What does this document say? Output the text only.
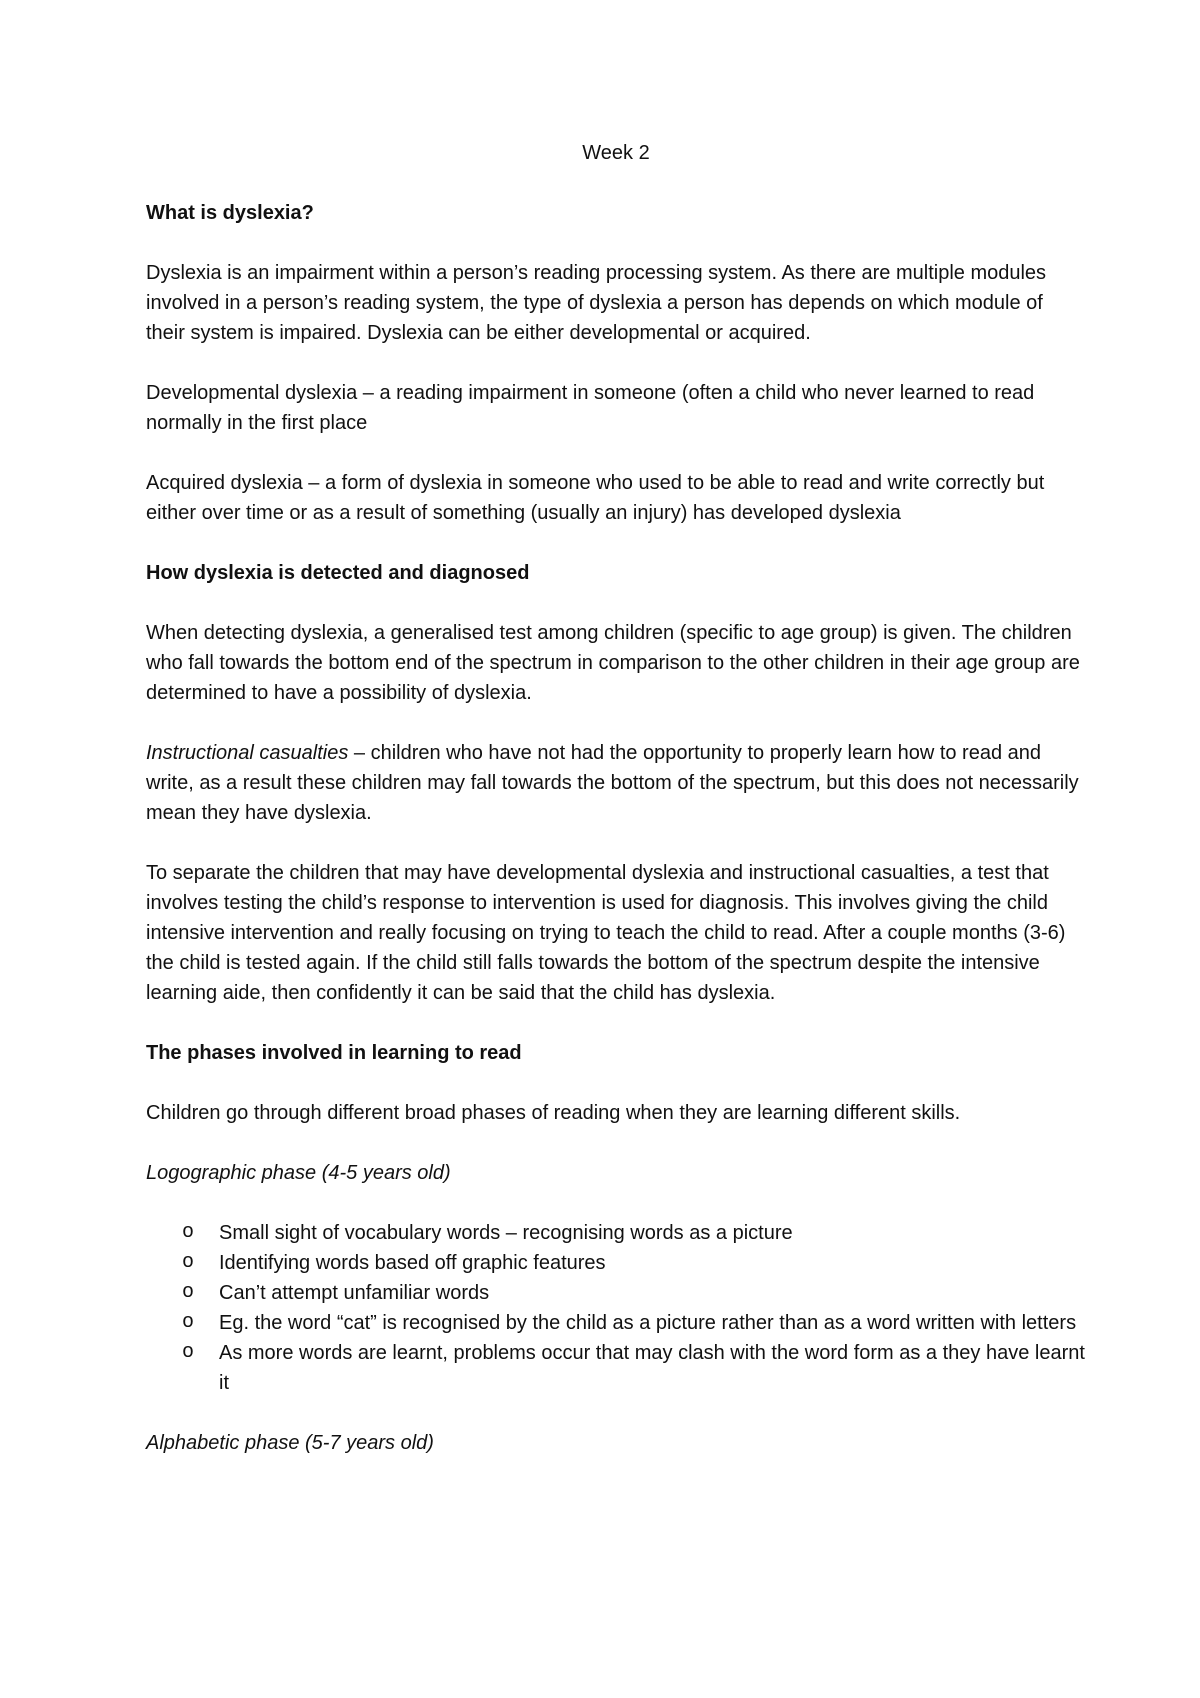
Week 2
What is dyslexia?

Dyslexia is an impairment within a person’s reading processing system. As there are multiple modules involved in a person’s reading system, the type of dyslexia a person has depends on which module of their system is impaired. Dyslexia can be either developmental or acquired.

Developmental dyslexia – a reading impairment in someone (often a child who never learned to read normally in the first place

Acquired dyslexia – a form of dyslexia in someone who used to be able to read and write correctly but either over time or as a result of something (usually an injury) has developed dyslexia

How dyslexia is detected and diagnosed

When detecting dyslexia, a generalised test among children (specific to age group) is given. The children who fall towards the bottom end of the spectrum in comparison to the other children in their age group are determined to have a possibility of dyslexia.

Instructional casualties – children who have not had the opportunity to properly learn how to read and write, as a result these children may fall towards the bottom of the spectrum, but this does not necessarily mean they have dyslexia.

To separate the children that may have developmental dyslexia and instructional casualties, a test that involves testing the child’s response to intervention is used for diagnosis. This involves giving the child intensive intervention and really focusing on trying to teach the child to read. After a couple months (3-6) the child is tested again. If the child still falls towards the bottom of the spectrum despite the intensive learning aide, then confidently it can be said that the child has dyslexia.

The phases involved in learning to read

Children go through different broad phases of reading when they are learning different skills.

Logographic phase (4-5 years old)

o Small sight of vocabulary words – recognising words as a picture
o Identifying words based off graphic features
o Can’t attempt unfamiliar words
o Eg. the word “cat” is recognised by the child as a picture rather than as a word written with letters
o As more words are learnt, problems occur that may clash with the word form as a they have learnt it

Alphabetic phase (5-7 years old)
